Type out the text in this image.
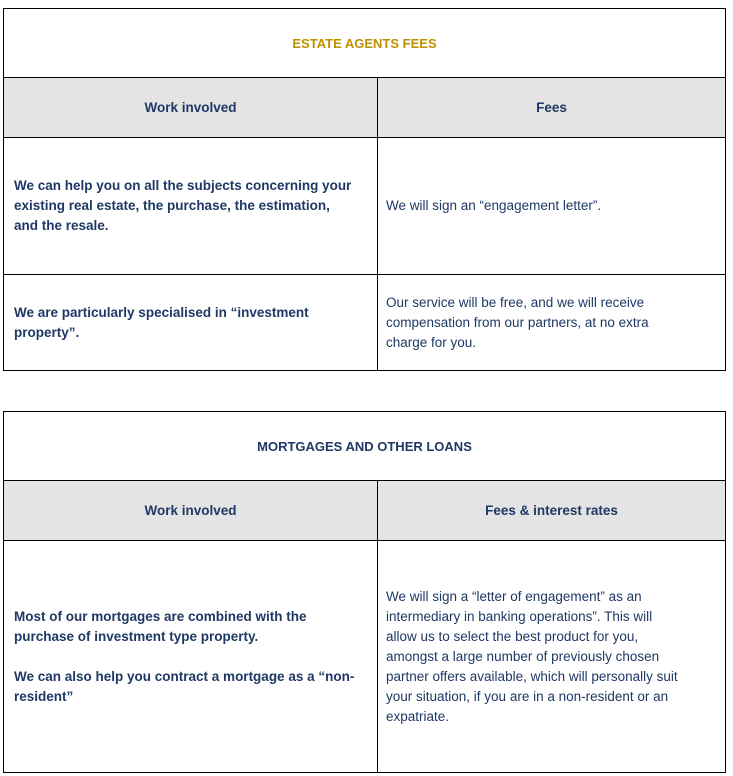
ESTATE AGENTS FEES
Work involved	Fees
We can help you on all the subjects concerning your
existing real estate, the purchase, the estimation,
and the resale.
We will sign an “engagement letter”.
We are particularly specialised in “investment
property”.
Our service will be free, and we will receive
compensation from our partners, at no extra
charge for you.
MORTGAGES AND OTHER LOANS
Work involved	Fees & interest rates
Most of our mortgages are combined with the
purchase of investment type property.

We can also help you contract a mortgage as a “non-
resident”
We will sign a “letter of engagement” as an
intermediary in banking operations”. This will
allow us to select the best product for you,
amongst a large number of previously chosen
partner offers available, which will personally suit
your situation, if you are in a non-resident or an
expatriate.
